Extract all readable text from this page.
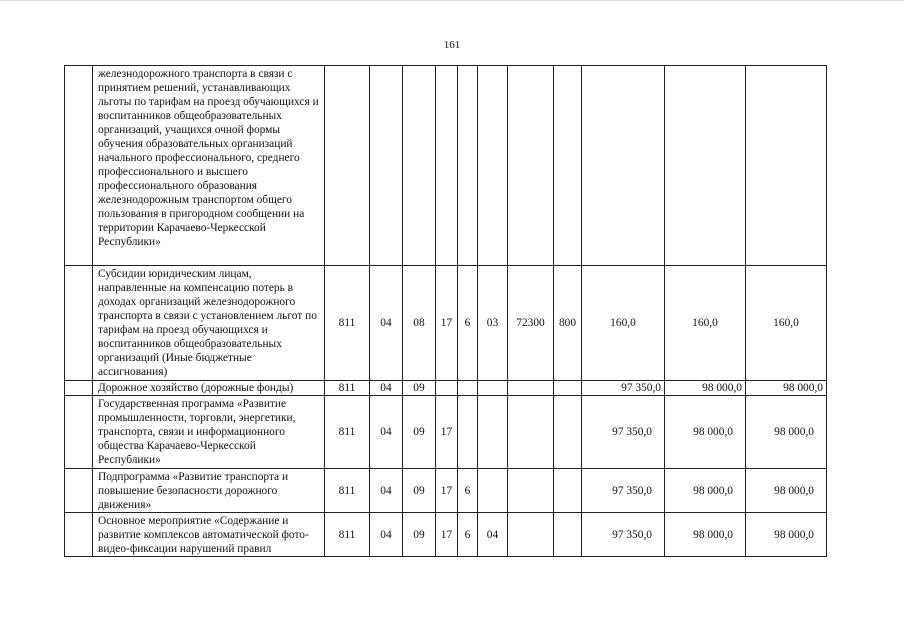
161
	железнодорожного транспорта в связи с принятием решений, устанавливающих льготы по тарифам на проезд обучающихся и воспитанников общеобразовательных организаций, учащихся очной формы обучения образовательных организаций начального профессионального, среднего профессионального и высшего профессионального образования железнодорожным транспортом общего пользования в пригородном сообщении на территории Карачаево-Черкесской Республики»											
	Субсидии юридическим лицам, направленные на компенсацию потерь в доходах организаций железнодорожного транспорта в связи с установлением льгот по тарифам на проезд обучающихся и воспитанников общеобразовательных организаций (Иные бюджетные ассигнования)	811	04	08	17	6	03	72300	800	160,0	160,0	160,0
	Дорожное хозяйство (дорожные фонды)	811	04	09						97 350,0	98 000,0	98 000,0
	Государственная программа «Развитие промышленности, торговли, энергетики, транспорта, связи и информационного общества Карачаево-Черкесской Республики»	811	04	09	17					97 350,0	98 000,0	98 000,0
	Подпрограмма «Развитие транспорта и повышение безопасности дорожного движения»	811	04	09	17	6				97 350,0	98 000,0	98 000,0
	Основное мероприятие «Содержание и развитие комплексов автоматической фото-видео-фиксации нарушений правил	811	04	09	17	6	04			97 350,0	98 000,0	98 000,0
